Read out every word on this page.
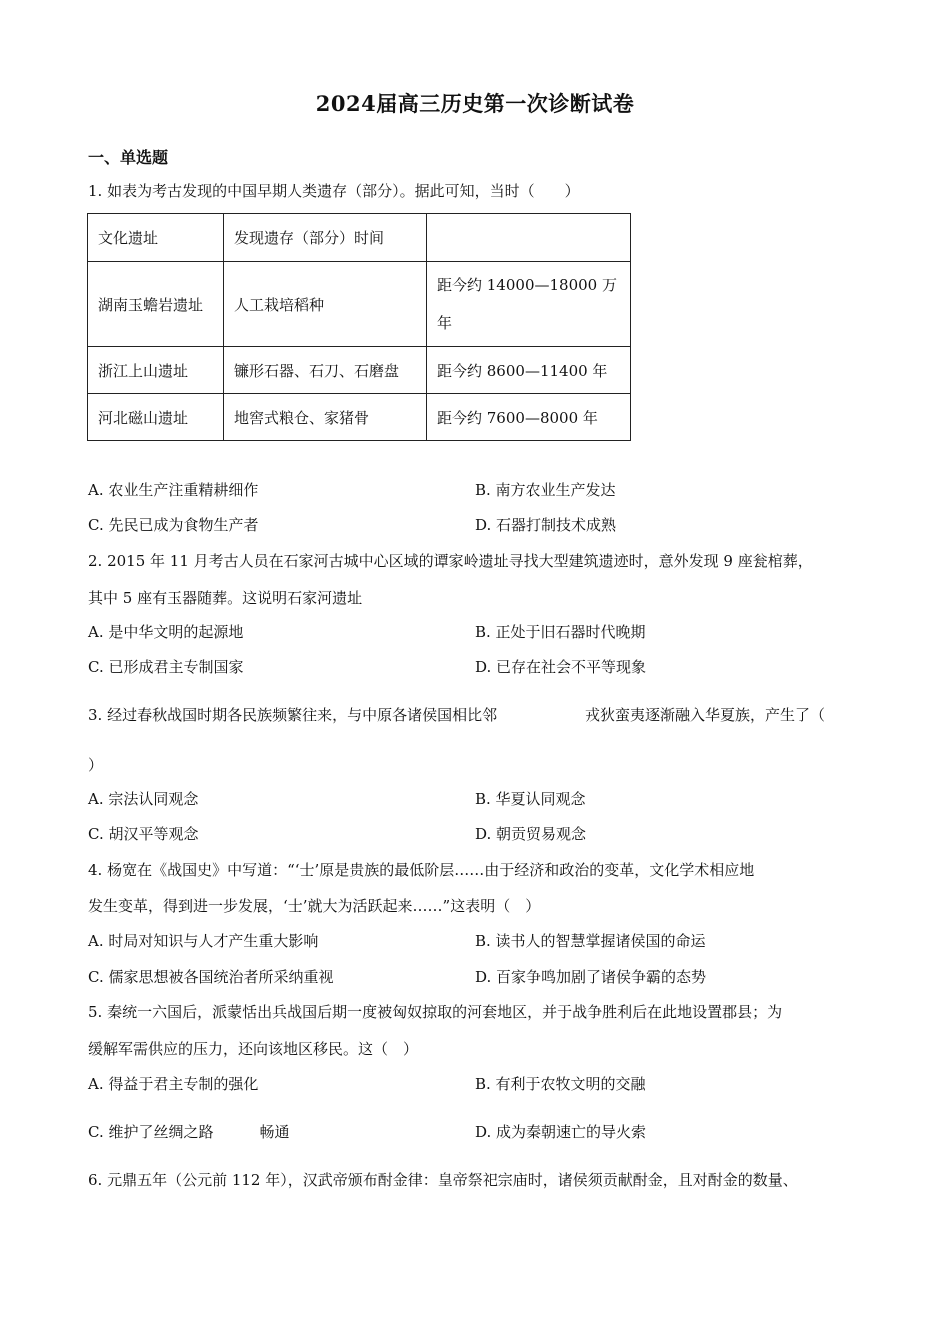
2024届高三历史第一次诊断试卷
一、单选题
1. 如表为考古发现的中国早期人类遗存（部分）。据此可知，当时（　　）
文化遗址	发现遗存（部分）时间	
湖南玉蟾岩遗址	人工栽培稻种	距今约 14000—18000 万
年

浙江上山遗址	镰形石器、石刀、石磨盘	距今约 8600—11400 年
河北磁山遗址	地窖式粮仓、家猪骨	距今约 7600—8000 年
A. 农业生产注重精耕细作	B. 南方农业生产发达
C. 先民已成为食物生产者	D. 石器打制技术成熟
2. 2015 年 11 月考古人员在石家河古城中心区域的谭家岭遗址寻找大型建筑遗迹时，意外发现 9 座瓮棺葬，
其中 5 座有玉器随葬。这说明石家河遗址
A. 是中华文明的起源地	B. 正处于旧石器时代晚期
C. 已形成君主专制国家	D. 已存在社会不平等现象
3. 经过春秋战国时期各民族频繁往来，与中原各诸侯国相比邻	戎狄蛮夷逐渐融入华夏族，产生了（
）
A. 宗法认同观念	B. 华夏认同观念
C. 胡汉平等观念	D. 朝贡贸易观念
4. 杨宽在《战国史》中写道：“‘士’原是贵族的最低阶层……由于经济和政治的变革，文化学术相应地
发生变革，得到进一步发展，‘士’就大为活跃起来……”这表明（　）
A. 时局对知识与人才产生重大影响	B. 读书人的智慧掌握诸侯国的命运
C. 儒家思想被各国统治者所采纳重视	D. 百家争鸣加剧了诸侯争霸的态势
5. 秦统一六国后，派蒙恬出兵战国后期一度被匈奴掠取的河套地区，并于战争胜利后在此地设置郡县；为
缓解军需供应的压力，还向该地区移民。这（　）
A. 得益于君主专制的强化	B. 有利于农牧文明的交融
C. 维护了丝绸之路	畅通	D. 成为秦朝速亡的导火索
6. 元鼎五年（公元前 112 年），汉武帝颁布酎金律：皇帝祭祀宗庙时，诸侯须贡献酎金，且对酎金的数量、
